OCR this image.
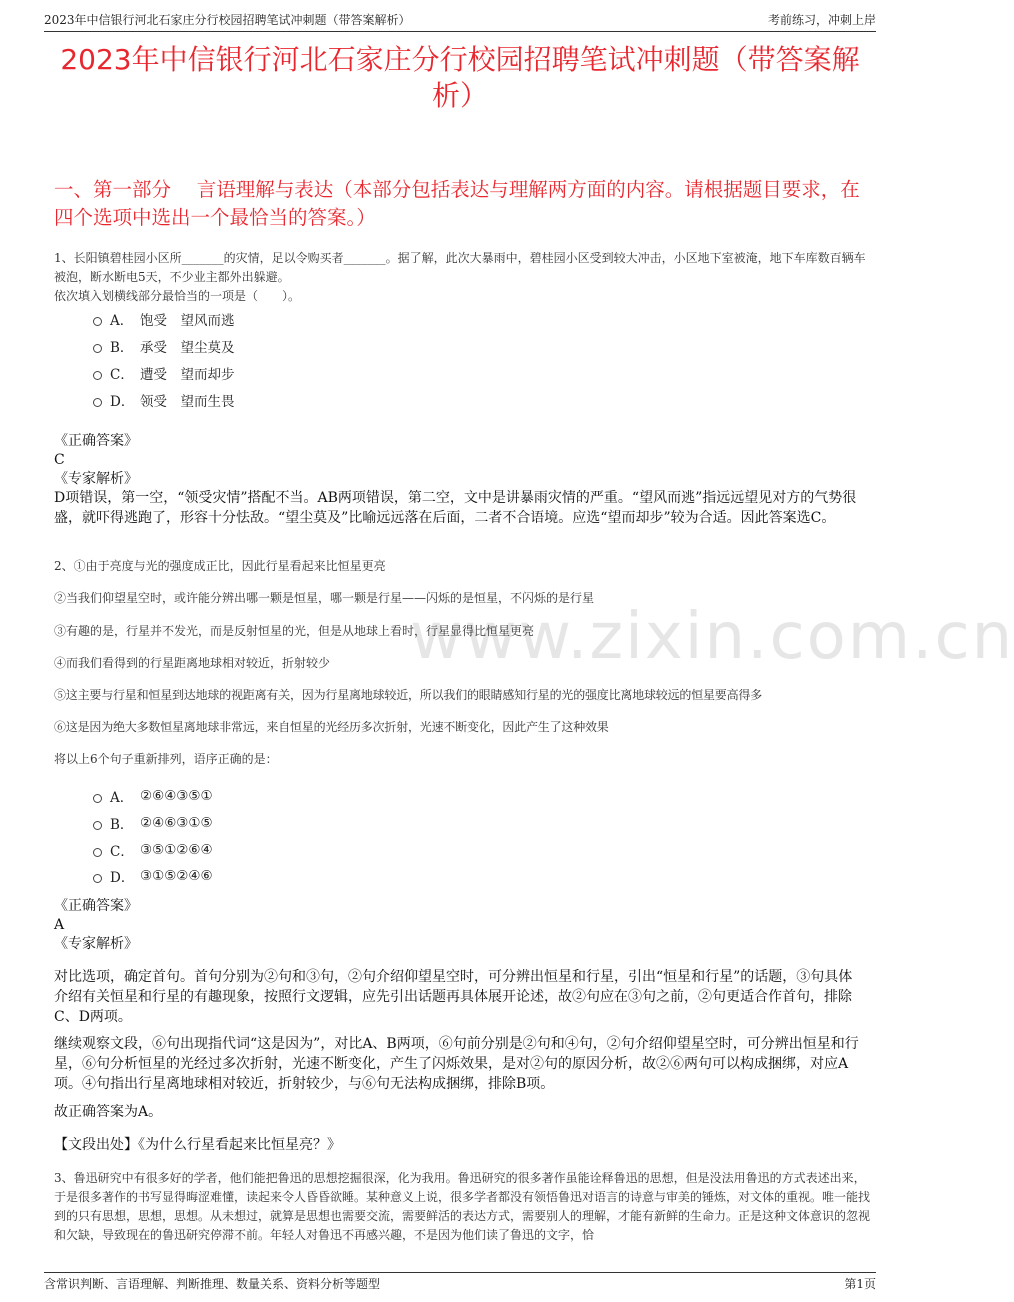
2023年中信银行河北石家庄分行校园招聘笔试冲刺题（带答案解析）	考前练习，冲刺上岸
www.zixin.com.cn
2023年中信银行河北石家庄分行校园招聘笔试冲刺题（带答案解析）
一、第一部分　 言语理解与表达（本部分包括表达与理解两方面的内容。请根据题目要求，在四个选项中选出一个最恰当的答案。）
1、长阳镇碧桂园小区所_______的灾情，足以令购买者_______。据了解，此次大暴雨中，碧桂园小区受到较大冲击，小区地下室被淹，地下车库数百辆车被泡，断水断电5天，不少业主都外出躲避。
依次填入划横线部分最恰当的一项是（　　）。
A． 饱受　望风而逃
B． 承受　望尘莫及
C． 遭受　望而却步
D． 领受　望而生畏
《正确答案》
C
《专家解析》
D项错误，第一空，“领受灾情”搭配不当。AB两项错误，第二空，文中是讲暴雨灾情的严重。“望风而逃”指远远望见对方的气势很盛，就吓得逃跑了，形容十分怯敌。“望尘莫及”比喻远远落在后面，二者不合语境。应选“望而却步”较为合适。因此答案选C。
2、①由于亮度与光的强度成正比，因此行星看起来比恒星更亮
②当我们仰望星空时，或许能分辨出哪一颗是恒星，哪一颗是行星——闪烁的是恒星，不闪烁的是行星
③有趣的是，行星并不发光，而是反射恒星的光，但是从地球上看时，行星显得比恒星更亮
④而我们看得到的行星距离地球相对较近，折射较少
⑤这主要与行星和恒星到达地球的视距离有关，因为行星离地球较近，所以我们的眼睛感知行星的光的强度比离地球较远的恒星要高得多
⑥这是因为绝大多数恒星离地球非常远，来自恒星的光经历多次折射，光速不断变化，因此产生了这种效果
将以上6个句子重新排列，语序正确的是：
A． ②⑥④③⑤①
B． ②④⑥③①⑤
C． ③⑤①②⑥④
D． ③①⑤②④⑥
《正确答案》
A
《专家解析》
对比选项，确定首句。首句分别为②句和③句，②句介绍仰望星空时，可分辨出恒星和行星，引出“恒星和行星”的话题，③句具体介绍有关恒星和行星的有趣现象，按照行文逻辑，应先引出话题再具体展开论述，故②句应在③句之前，②句更适合作首句，排除C、D两项。
继续观察文段，⑥句出现指代词“这是因为”，对比A、B两项，⑥句前分别是②句和④句，②句介绍仰望星空时，可分辨出恒星和行星，⑥句分析恒星的光经过多次折射，光速不断变化，产生了闪烁效果，是对②句的原因分析，故②⑥两句可以构成捆绑，对应A项。④句指出行星离地球相对较近，折射较少，与⑥句无法构成捆绑，排除B项。
故正确答案为A。
【文段出处】《为什么行星看起来比恒星亮？》
3、鲁迅研究中有很多好的学者，他们能把鲁迅的思想挖掘很深，化为我用。鲁迅研究的很多著作虽能诠释鲁迅的思想，但是没法用鲁迅的方式表述出来，于是很多著作的书写显得晦涩难懂，读起来令人昏昏欲睡。某种意义上说，很多学者都没有领悟鲁迅对语言的诗意与审美的锤炼，对文体的重视。唯一能找到的只有思想，思想，思想。从未想过，就算是思想也需要交流，需要鲜活的表达方式，需要别人的理解，才能有新鲜的生命力。正是这种文体意识的忽视和欠缺，导致现在的鲁迅研究停滞不前。年轻人对鲁迅不再感兴趣，不是因为他们读了鲁迅的文字，恰
含常识判断、言语理解、判断推理、数量关系、资料分析等题型	第1页
